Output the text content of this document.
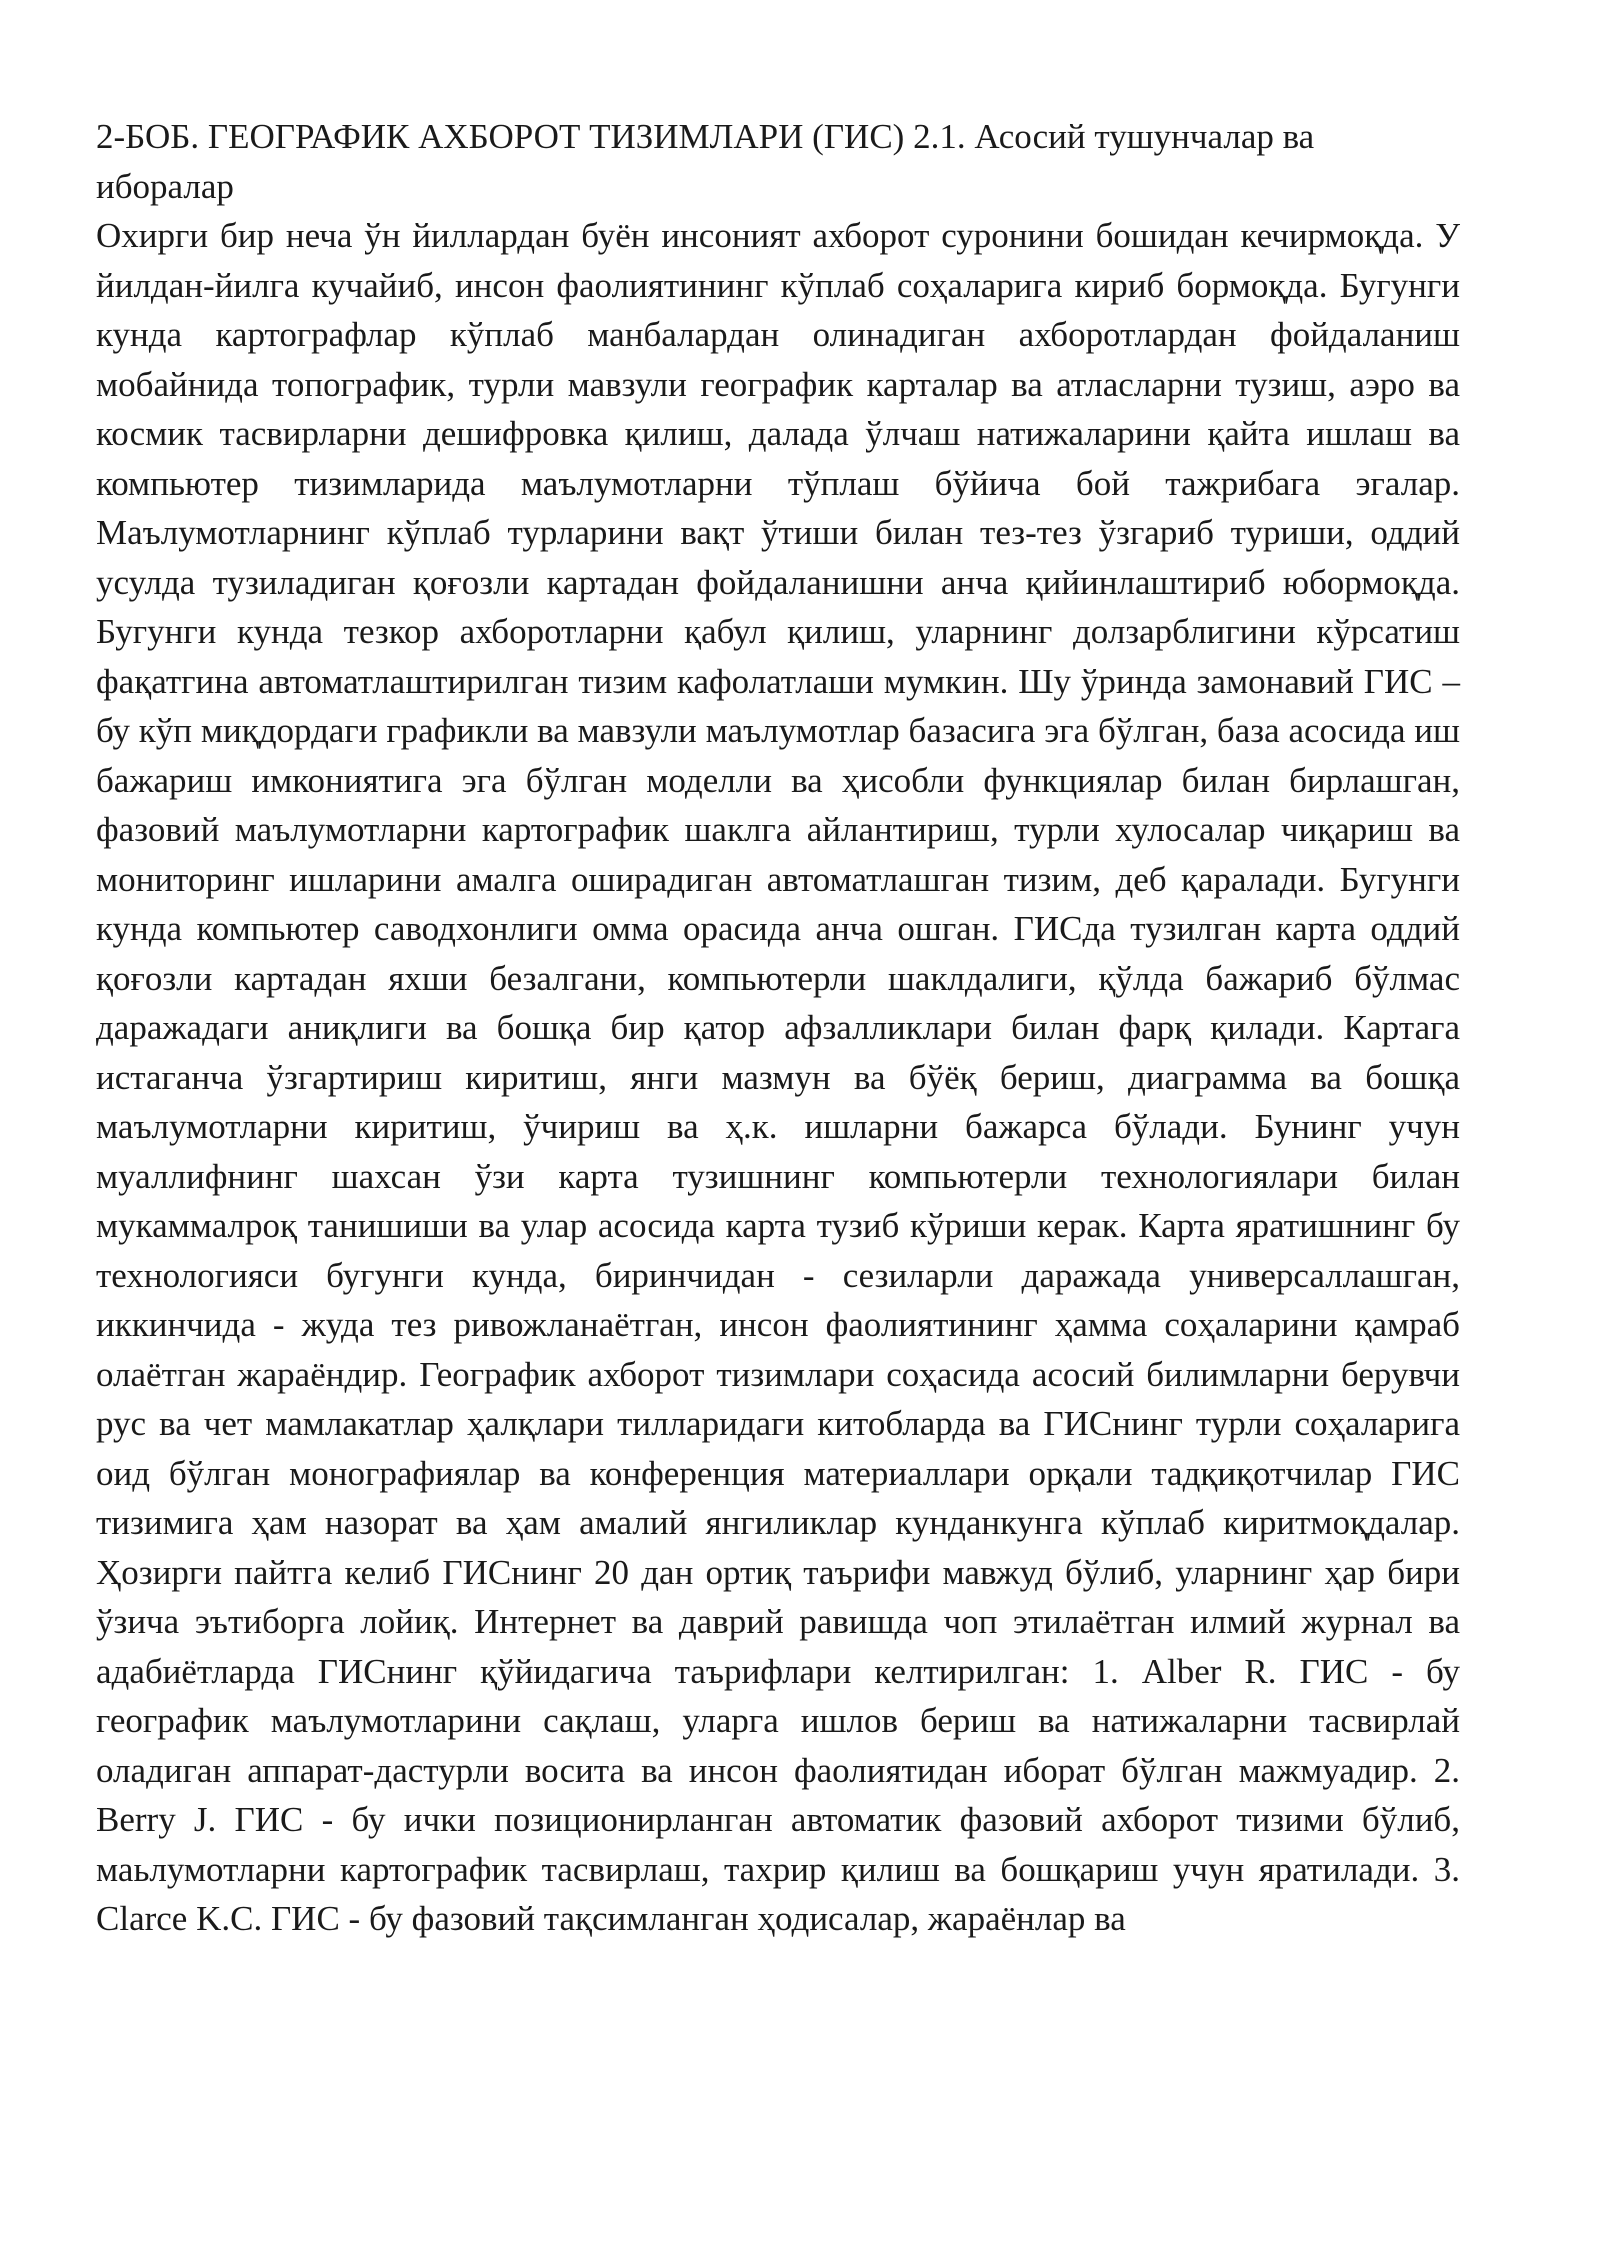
2-БОБ. ГЕОГРАФИК АХБОРОТ ТИЗИМЛАРИ (ГИС) 2.1. Асосий тушунчалар ва иборалар

Охирги бир неча ўн йиллардан буён инсоният ахборот суронини бошидан кечирмоқда. У йилдан-йилга кучайиб, инсон фаолиятининг кўплаб соҳаларига кириб бормоқда. Бугунги кунда картографлар кўплаб манбалардан олинадиган ахборотлардан фойдаланиш мобайнида топографик, турли мавзули географик карталар ва атласларни тузиш, аэро ва космик тасвирларни дешифровка қилиш, далада ўлчаш натижаларини қайта ишлаш ва компьютер тизимларида маълумотларни тўплаш бўйича бой тажрибага эгалар. Маълумотларнинг кўплаб турларини вақт ўтиши билан тез-тез ўзгариб туриши, оддий усулда тузиладиган қоғозли картадан фойдаланишни анча қийинлаштириб юбормоқда. Бугунги кунда тезкор ахборотларни қабул қилиш, уларнинг долзарблигини кўрсатиш фақатгина автоматлаштирилган тизим кафолатлаши мумкин. Шу ўринда замонавий ГИС – бу кўп миқдордаги графикли ва мавзули маълумотлар базасига эга бўлган, база асосида иш бажариш имкониятига эга бўлган моделли ва ҳисобли функциялар билан бирлашган, фазовий маълумотларни картографик шаклга айлантириш, турли хулосалар чиқариш ва мониторинг ишларини амалга оширадиган автоматлашган тизим, деб қаралади. Бугунги кунда компьютер саводхонлиги омма орасида анча ошган. ГИСда тузилган карта оддий қоғозли картадан яхши безалгани, компьютерли шаклдалиги, қўлда бажариб бўлмас даражадаги аниқлиги ва бошқа бир қатор афзалликлари билан фарқ қилади. Картага истаганча ўзгартириш киритиш, янги мазмун ва бўёқ бериш, диаграмма ва бошқа маълумотларни киритиш, ўчириш ва ҳ.к. ишларни бажарса бўлади. Бунинг учун муаллифнинг шахсан ўзи карта тузишнинг компьютерли технологиялари билан мукаммалроқ танишиши ва улар асосида карта тузиб кўриши керак. Карта яратишнинг бу технологияси бугунги кунда, биринчидан - сезиларли даражада универсаллашган, иккинчида - жуда тез ривожланаётган, инсон фаолиятининг ҳамма соҳаларини қамраб олаётган жараёндир. Географик ахборот тизимлари соҳасида асосий билимларни берувчи рус ва чет мамлакатлар ҳалқлари тилларидаги китобларда ва ГИСнинг турли соҳаларига оид бўлган монографиялар ва конференция материаллари орқали тадқиқотчилар ГИС тизимига ҳам назорат ва ҳам амалий янгиликлар кунданкунга кўплаб киритмоқдалар. Ҳозирги пайтга келиб ГИСнинг 20 дан ортиқ таърифи мавжуд бўлиб, уларнинг ҳар бири ўзича эътиборга лойиқ. Интернет ва даврий равишда чоп этилаётган илмий журнал ва адабиётларда ГИСнинг қўйидагича таърифлари келтирилган: 1. Alber R. ГИС - бу географик маълумотларини сақлаш, уларга ишлов бериш ва натижаларни тасвирлай оладиган аппарат-дастурли восита ва инсон фаолиятидан иборат бўлган мажмуадир. 2. Berry J. ГИС - бу ички позиционирланган автоматик фазовий ахборот тизими бўлиб, маьлумотларни картографик тасвирлаш, тахрир қилиш ва бошқариш учун яратилади. 3. Clarce K.C. ГИС - бу фазовий тақсимланган ҳодисалар, жараёнлар ва
